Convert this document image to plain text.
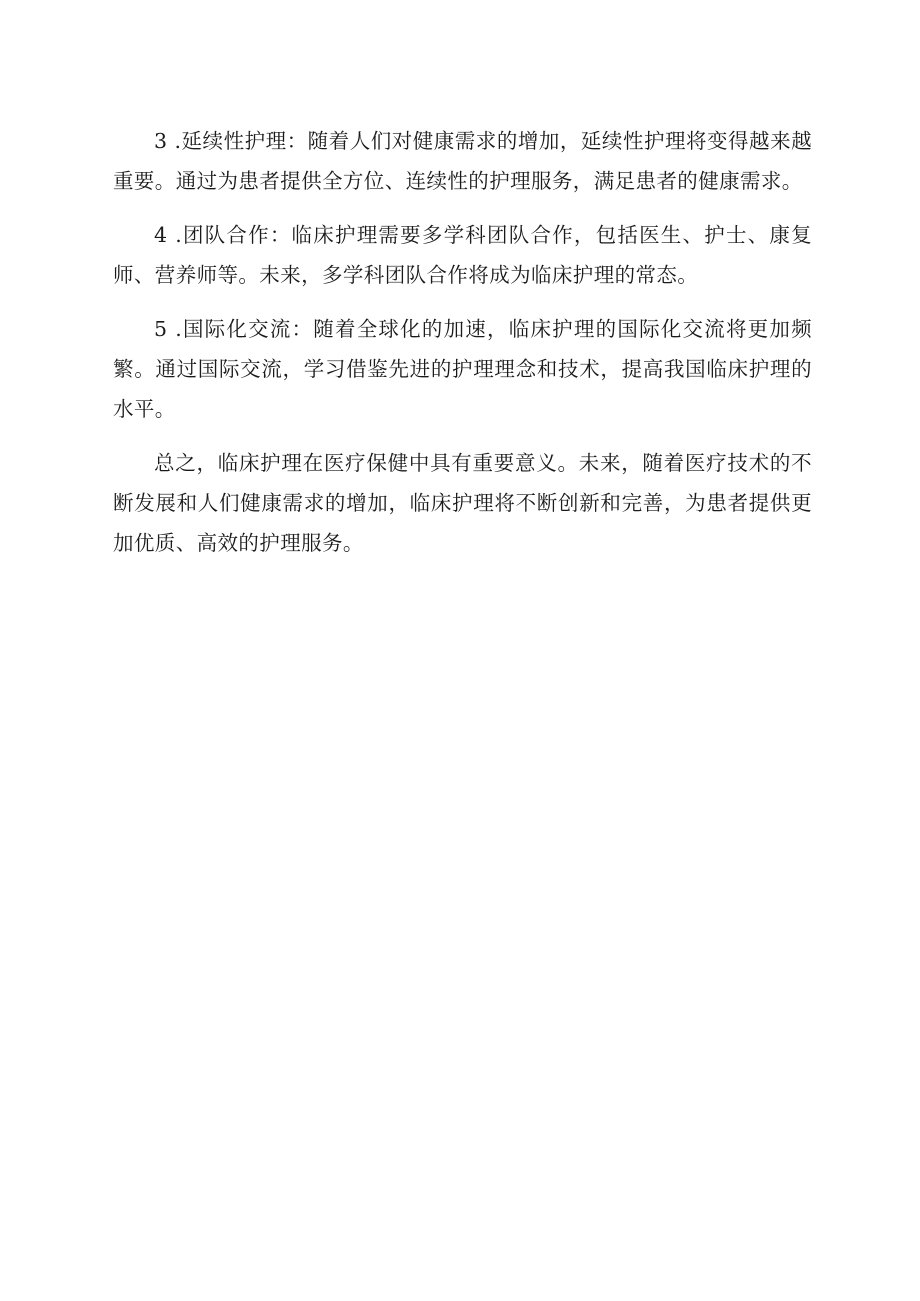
3 .延续性护理：随着人们对健康需求的增加，延续性护理将变得越来越重要。通过为患者提供全方位、连续性的护理服务，满足患者的健康需求。

4 .团队合作：临床护理需要多学科团队合作，包括医生、护士、康复师、营养师等。未来，多学科团队合作将成为临床护理的常态。

5 .国际化交流：随着全球化的加速，临床护理的国际化交流将更加频繁。通过国际交流，学习借鉴先进的护理理念和技术，提高我国临床护理的水平。

总之，临床护理在医疗保健中具有重要意义。未来，随着医疗技术的不断发展和人们健康需求的增加，临床护理将不断创新和完善，为患者提供更加优质、高效的护理服务。
